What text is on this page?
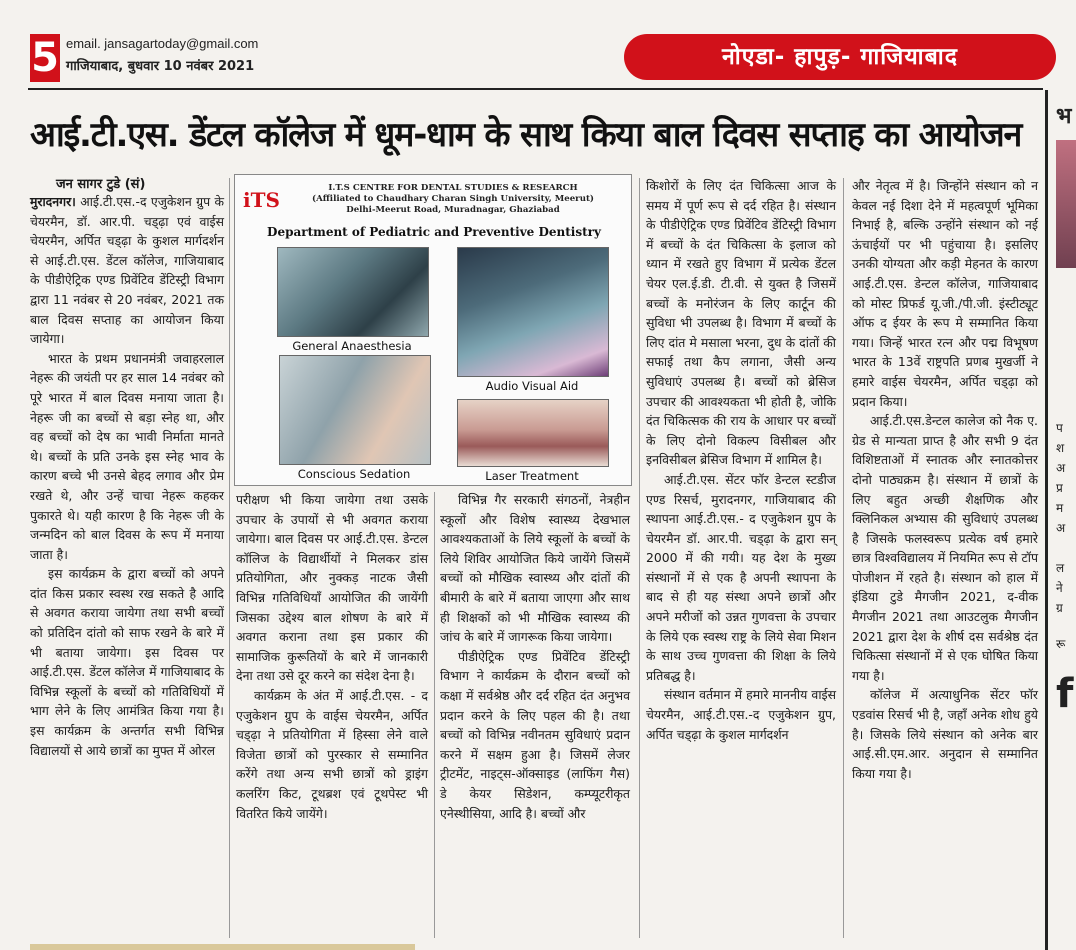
5 email. jansagartoday@gmail.com
गाजियाबाद, बुधवार 10 नवंबर 2021	नोएडा- हापुड़- गाजियाबाद
आई.टी.एस. डेंटल कॉलेज में धूम-धाम के साथ किया बाल दिवस सप्ताह का आयोजन
जन सागर टुडे (सं)

मुरादनगर। आई.टी.एस.-द एजुकेशन ग्रुप के चेयरमैन, डॉ. आर.पी. चड्ढ़ा एवं वाईस चेयरमैन, अर्पित चड्ढ़ा के कुशल मार्गदर्शन से आई.टी.एस. डेंटल कॉलेज, गाजियाबाद के पीडीऐट्रिक एण्ड प्रिवेंटिव डेंटिस्ट्री विभाग द्वारा 11 नवंबर से 20 नवंबर, 2021 तक बाल दिवस सप्ताह का आयोजन किया जायेगा।

भारत के प्रथम प्रधानमंत्री जवाहरलाल नेहरू की जयंती पर हर साल 14 नवंबर को पूरे भारत में बाल दिवस मनाया जाता है। नेहरू जी का बच्चों से बड़ा स्नेह था, और वह बच्चों को देष का भावी निर्माता मानते थे। बच्चों के प्रति उनके इस स्नेह भाव के कारण बच्चे भी उनसे बेहद लगाव और प्रेम रखते थे, और उन्हें चाचा नेहरू कहकर पुकारते थे। यही कारण है कि नेहरू जी के जन्मदिन को बाल दिवस के रूप में मनाया जाता है।

इस कार्यक्रम के द्वारा बच्चों को अपने दांत किस प्रकार स्वस्थ रख सकते है आदि से अवगत कराया जायेगा तथा सभी बच्चों को प्रतिदिन दांतो को साफ रखने के बारे में भी बताया जायेगा। इस दिवस पर आई.टी.एस. डेंटल कॉलेज में गाजियाबाद के विभिन्न स्कूलों के बच्चों को गतिविधियों में भाग लेने के लिए आमंत्रित किया गया है। इस कार्यक्रम के अन्तर्गत सभी विभिन्न विद्यालयों से आये छात्रों का मुफ्त में ओरल

iTS	I.T.S CENTRE FOR DENTAL STUDIES & RESEARCH
(Affiliated to Chaudhary Charan Singh University, Meerut)
Delhi-Meerut Road, Muradnagar, Ghaziabad
Department of Pediatric and Preventive Dentistry
General Anaesthesia
Audio Visual Aid
Conscious Sedation	Laser Treatment

परीक्षण भी किया जायेगा तथा उसके उपचार के उपायों से भी अवगत कराया जायेगा। बाल दिवस पर आई.टी.एस. डेन्टल कॉलिज के विद्यार्थीयों ने मिलकर डांस प्रतियोगिता, और नुक्कड़ नाटक जैसी विभिन्न गतिविधियाँ आयोजित की जायेंगी जिसका उद्देश्य बाल शोषण के बारे में अवगत कराना तथा इस प्रकार की सामाजिक कुरूतियों के बारे में जानकारी देना तथा उसे दूर करने का संदेश देना है।

कार्यक्रम के अंत में आई.टी.एस. - द एजुकेशन ग्रुप के वाईस चेयरमैन, अर्पित चड्ढ़ा ने प्रतियोगिता में हिस्सा लेने वाले विजेता छात्रों को पुरस्कार से सम्मानित करेंगे तथा अन्य सभी छात्रों को ड्राइंग कलरिंग किट, टूथब्रश एवं टूथपेस्ट भी वितरित किये जायेंगे।

विभिन्न गैर सरकारी संगठनों, नेत्रहीन स्कूलों और विशेष स्वास्थ्य देखभाल आवश्यकताओं के लिये स्कूलों के बच्चों के लिये शिविर आयोजित किये जायेंगे जिसमें बच्चों को मौखिक स्वास्थ्य और दांतों की बीमारी के बारे में बताया जाएगा और साथ ही शिक्षकों को भी मौखिक स्वास्थ्य की जांच के बारे में जागरूक किया जायेगा।

पीडीऐट्रिक एण्ड प्रिवेंटिव डेंटिस्ट्री विभाग ने कार्यक्रम के दौरान बच्चों को कक्षा में सर्वश्रेष्ठ और दर्द रहित दंत अनुभव प्रदान करने के लिए पहल की है। तथा बच्चों को विभिन्न नवीनतम सुविधाएं प्रदान करने में सक्षम हुआ है। जिसमें लेजर ट्रीटमेंट, नाइट्स-ऑक्साइड (लाफिंग गैस) डे केयर सिडेशन, कम्प्यूटरीकृत एनेस्थीसिया, आदि है। बच्चों और

किशोरों के लिए दंत चिकित्सा आज के समय में पूर्ण रूप से दर्द रहित है। संस्थान के पीडीऐट्रिक एण्ड प्रिवेंटिव डेंटिस्ट्री विभाग में बच्चों के दंत चिकित्सा के इलाज को ध्यान में रखते हुए विभाग में प्रत्येक डेंटल चेयर एल.ई.डी. टी.वी. से युक्त है जिसमें बच्चों के मनोरंजन के लिए कार्टून की सुविधा भी उपलब्ध है। विभाग में बच्चों के लिए दांत मे मसाला भरना, दुध के दांतों की सफाई तथा कैप लगाना, जैसी अन्य सुविधाएं उपलब्ध है। बच्चों को ब्रेसिज उपचार की आवश्यकता भी होती है, जोकि दंत चिकित्सक की राय के आधार पर बच्चों के लिए दोनो विकल्प विसीबल और इनविसीबल ब्रेसिज विभाग में शामिल है।

आई.टी.एस. सेंटर फॉर डेन्टल स्टडीज एण्ड रिसर्च, मुरादनगर, गाजियाबाद की स्थापना आई.टी.एस.- द एजुकेशन ग्रुप के चेयरमैन डॉ. आर.पी. चड्ढ़ा के द्वारा सन् 2000 में की गयी। यह देश के मुख्य संस्थानों में से एक है अपनी स्थापना के बाद से ही यह संस्था अपने छात्रों और अपने मरीजों को उन्नत गुणवत्ता के उपचार के लिये एक स्वस्थ राष्ट्र के लिये सेवा मिशन के साथ उच्च गुणवत्ता की शिक्षा के लिये प्रतिबद्ध है।

संस्थान वर्तमान में हमारे माननीय वाईस चेयरमैन, आई.टी.एस.-द एजुकेशन ग्रुप, अर्पित चड्ढ़ा के कुशल मार्गदर्शन

और नेतृत्व में है। जिन्होंने संस्थान को न केवल नई दिशा देने में महत्वपूर्ण भूमिका निभाई है, बल्कि उन्होंने संस्थान को नई ऊंचाईयों पर भी पहुंचाया है। इसलिए उनकी योग्यता और कड़ी मेहनत के कारण आई.टी.एस. डेन्टल कॉलेज, गाजियाबाद को मोस्ट प्रिफर्ड यू.जी./पी.जी. इंस्टीट्यूट ऑफ द ईयर के रूप मे सम्मानित किया गया। जिन्हें भारत रत्न और पद्म विभूषण भारत के 13वें राष्ट्रपति प्रणब मुखर्जी ने हमारे वाईस चेयरमैन, अर्पित चड्ढ़ा को प्रदान किया।

आई.टी.एस.डेन्टल कालेज को नैक ए. ग्रेड से मान्यता प्राप्त है और सभी 9 दंत विशिष्टताओं में स्नातक और स्नातकोत्तर दोनो पाठ्यक्रम है। संस्थान में छात्रों के लिए बहुत अच्छी शैक्षणिक और क्लिनिकल अभ्यास की सुविधाएं उपलब्ध है जिसके फलस्वरूप प्रत्येक वर्ष हमारे छात्र विश्वविद्यालय में नियमित रूप से टॉप पोजीशन में रहते है। संस्थान को हाल में इंडिया टुडे मैगजीन 2021, द-वीक मैगजीन 2021 तथा आउटलुक मैगजीन 2021 द्वारा देश के शीर्ष दस सर्वश्रेष्ठ दंत चिकित्सा संस्थानों में से एक घोषित किया गया है।

कॉलेज में अत्याधुनिक सेंटर फॉर एडवांस रिसर्च भी है, जहाँ अनेक शोध हुये है। जिसके लिये संस्थान को अनेक बार आई.सी.एम.आर. अनुदान से सम्मानित किया गया है।

भ
प
श
अ
प्र
म
अ
ल
ने
ग्र
रू
f
